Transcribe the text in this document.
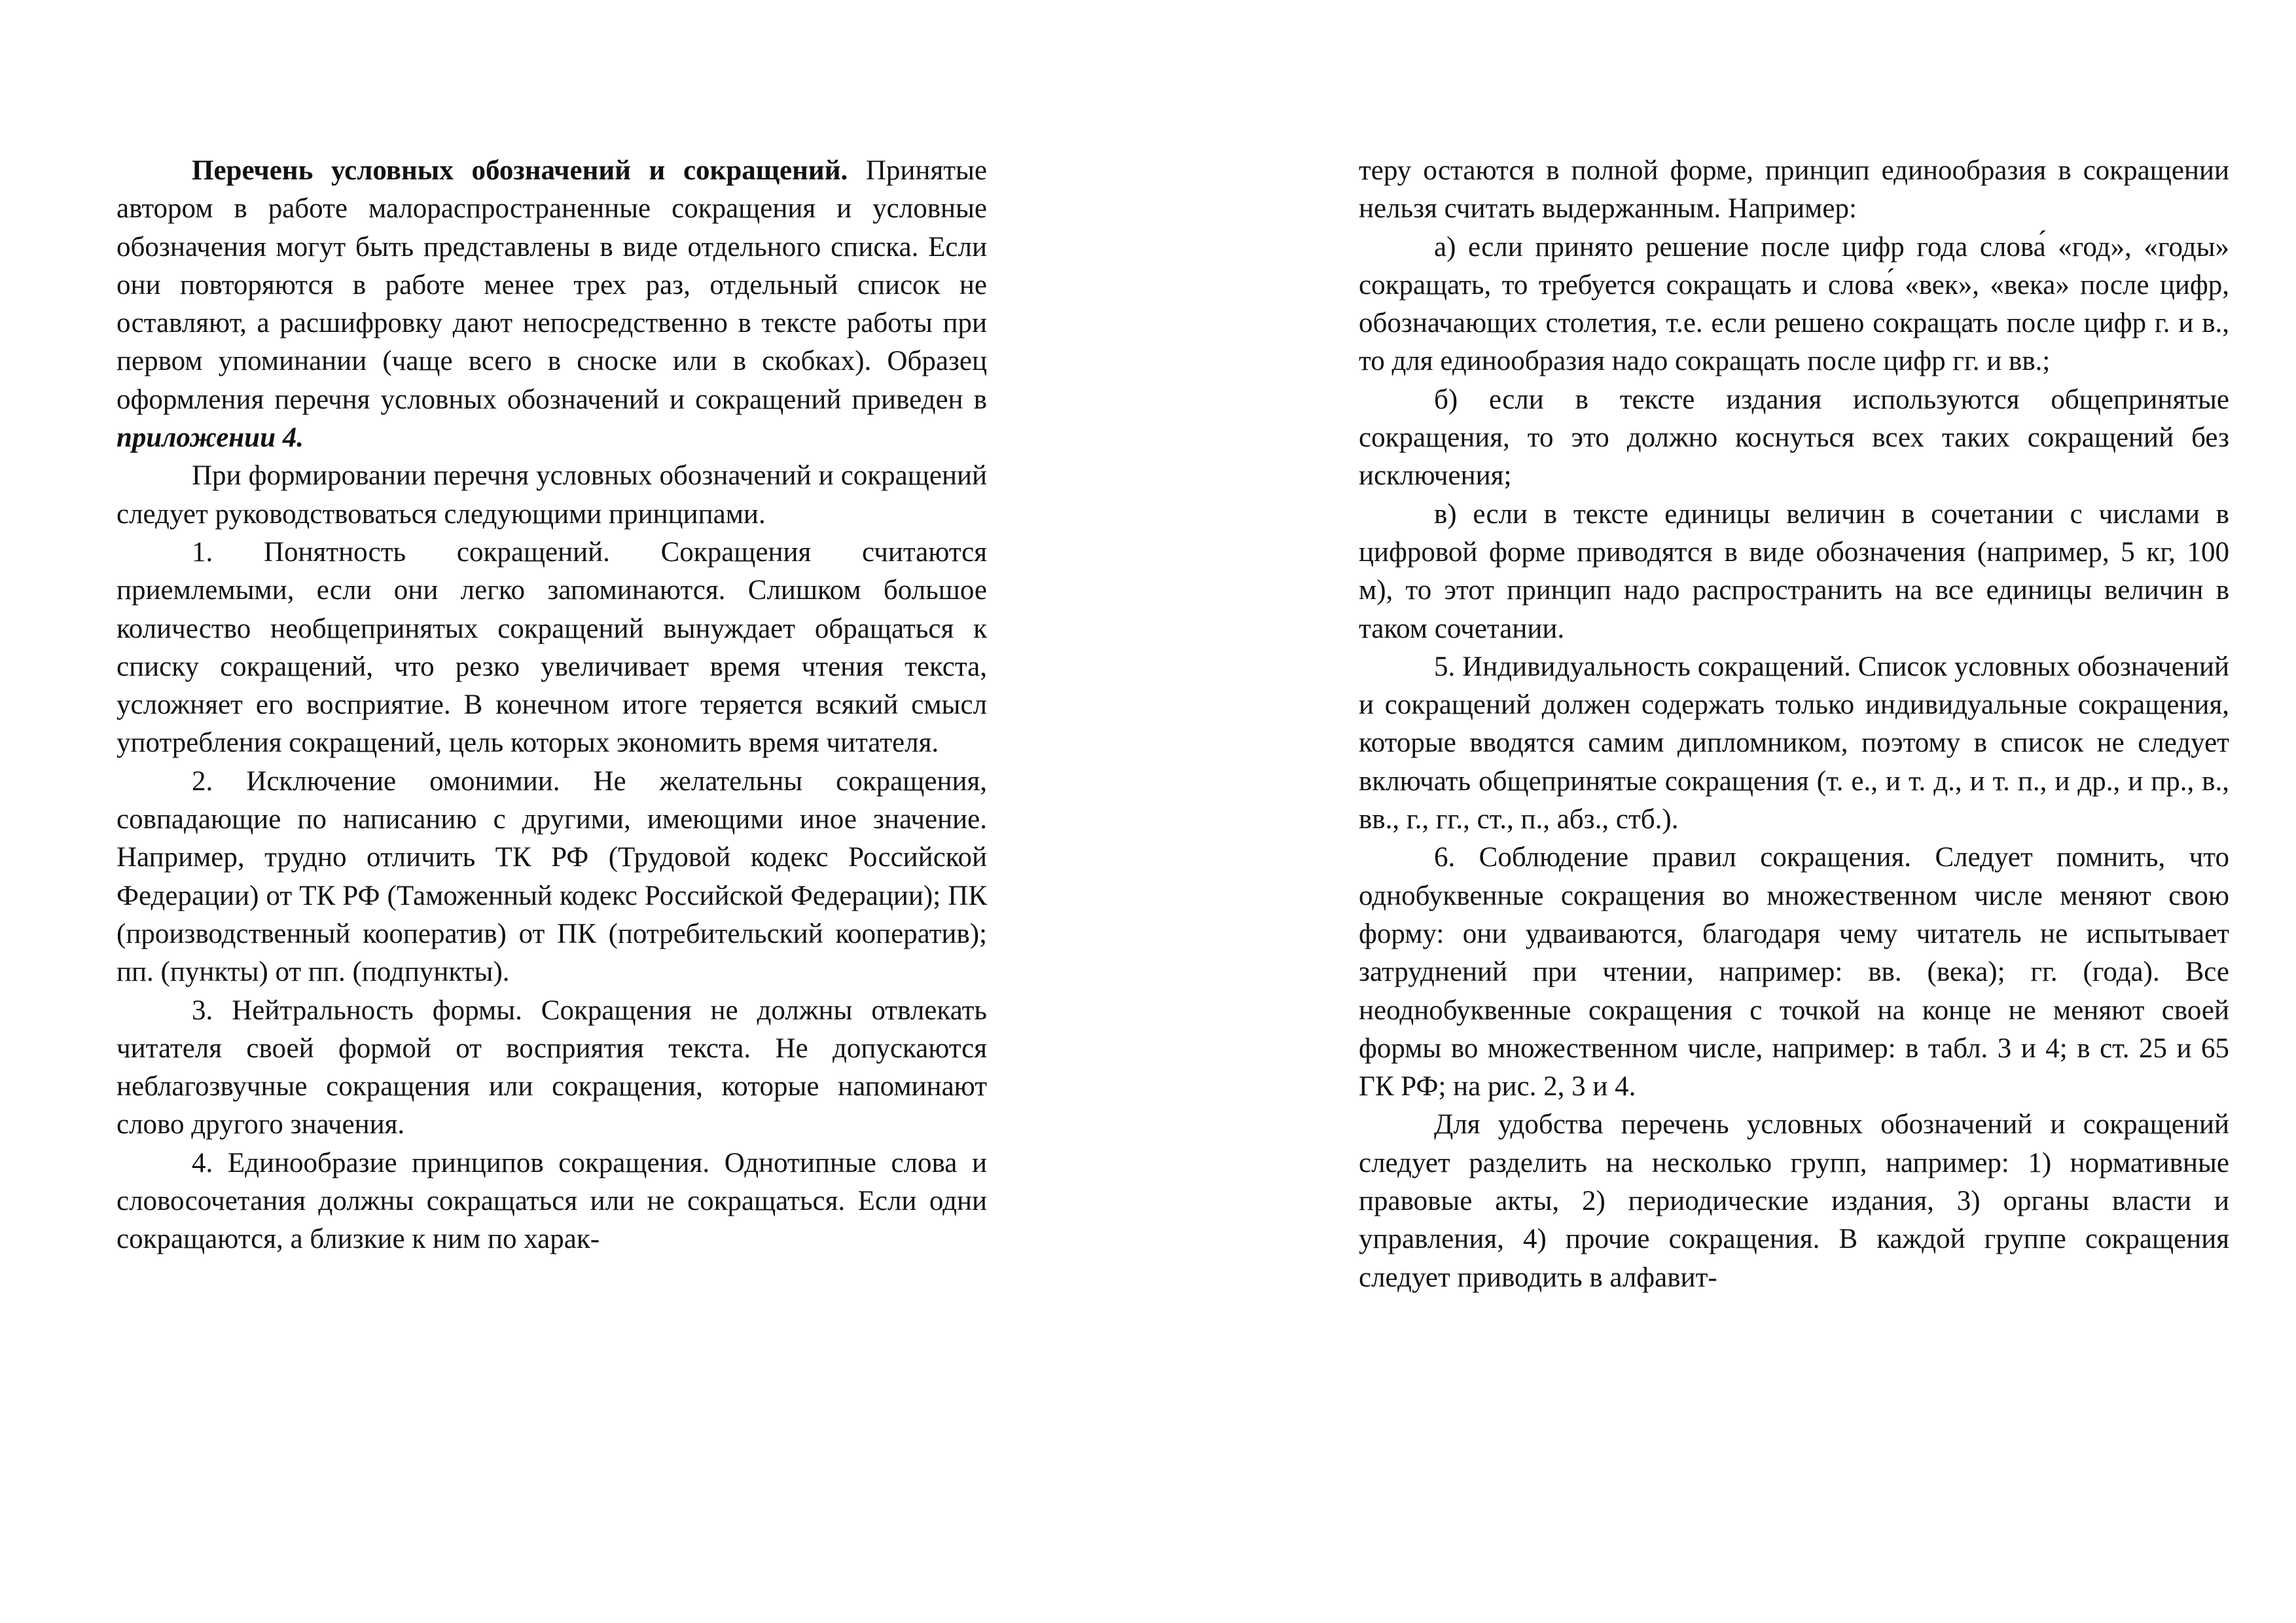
Перечень условных обозначений и сокращений. Принятые автором в работе малораспространенные сокращения и условные обозначения могут быть представлены в виде отдельного списка. Если они повторяются в работе менее трех раз, отдельный список не оставляют, а расшифровку дают непосредственно в тексте работы при первом упоминании (чаще всего в сноске или в скобках). Образец оформления перечня условных обозначений и сокращений приведен в приложении 4.

При формировании перечня условных обозначений и сокращений следует руководствоваться следующими принципами.

1. Понятность сокращений. Сокращения считаются приемлемыми, если они легко запоминаются. Слишком большое количество необщепринятых сокращений вынуждает обращаться к списку сокращений, что резко увеличивает время чтения текста, усложняет его восприятие. В конечном итоге теряется всякий смысл употребления сокращений, цель которых экономить время читателя.

2. Исключение омонимии. Не желательны сокращения, совпадающие по написанию с другими, имеющими иное значение. Например, трудно отличить ТК РФ (Трудовой кодекс Российской Федерации) от ТК РФ (Таможенный кодекс Российской Федерации); ПК (производственный кооператив) от ПК (потребительский кооператив); пп. (пункты) от пп. (подпункты).

3. Нейтральность формы. Сокращения не должны отвлекать читателя своей формой от восприятия текста. Не допускаются неблагозвучные сокращения или сокращения, которые напоминают слово другого значения.

4. Единообразие принципов сокращения. Однотипные слова и словосочетания должны сокращаться или не сокращаться. Если одни сокращаются, а близкие к ним по харак-

теру остаются в полной форме, принцип единообразия в сокращении нельзя считать выдержанным. Например:

а) если принято решение после цифр года слова́ «год», «годы» сокращать, то требуется сокращать и слова́ «век», «века» после цифр, обозначающих столетия, т.е. если решено сокращать после цифр г. и в., то для единообразия надо сокращать после цифр гг. и вв.;

б) если в тексте издания используются общепринятые сокращения, то это должно коснуться всех таких сокращений без исключения;

в) если в тексте единицы величин в сочетании с числами в цифровой форме приводятся в виде обозначения (например, 5 кг, 100 м), то этот принцип надо распространить на все единицы величин в таком сочетании.

5. Индивидуальность сокращений. Список условных обозначений и сокращений должен содержать только индивидуальные сокращения, которые вводятся самим дипломником, поэтому в список не следует включать общепринятые сокращения (т. е., и т. д., и т. п., и др., и пр., в., вв., г., гг., ст., п., абз., стб.).

6. Соблюдение правил сокращения. Следует помнить, что однобуквенные сокращения во множественном числе меняют свою форму: они удваиваются, благодаря чему читатель не испытывает затруднений при чтении, например: вв. (века); гг. (года). Все неоднобуквенные сокращения с точкой на конце не меняют своей формы во множественном числе, например: в табл. 3 и 4; в ст. 25 и 65 ГК РФ; на рис. 2, 3 и 4.

Для удобства перечень условных обозначений и сокращений следует разделить на несколько групп, например: 1) нормативные правовые акты, 2) периодические издания, 3) органы власти и управления, 4) прочие сокращения. В каждой группе сокращения следует приводить в алфавит-
